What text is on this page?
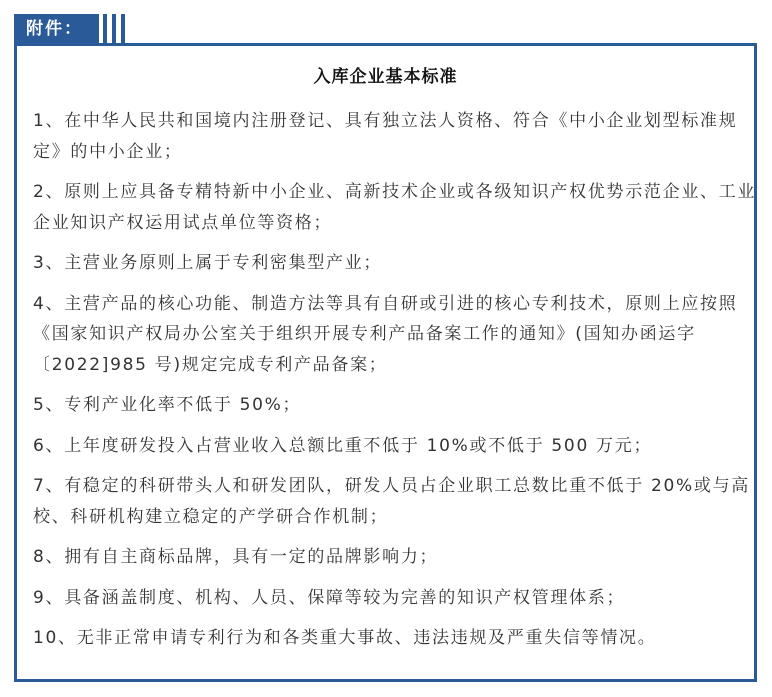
附件：
入库企业基本标准
1、在中华人民共和国境内注册登记、具有独立法人资格、符合《中小企业划型标准规
定》的中小企业；
2、原则上应具备专精特新中小企业、高新技术企业或各级知识产权优势示范企业、工业
企业知识产权运用试点单位等资格；
3、主营业务原则上属于专利密集型产业；
4、主营产品的核心功能、制造方法等具有自研或引进的核心专利技术，原则上应按照
《国家知识产权局办公室关于组织开展专利产品备案工作的通知》(国知办函运字
〔2022]985 号)规定完成专利产品备案；
5、专利产业化率不低于 50%；
6、上年度研发投入占营业收入总额比重不低于 10%或不低于 500 万元；
7、有稳定的科研带头人和研发团队，研发人员占企业职工总数比重不低于 20%或与高
校、科研机构建立稳定的产学研合作机制；
8、拥有自主商标品牌，具有一定的品牌影响力；
9、具备涵盖制度、机构、人员、保障等较为完善的知识产权管理体系；
10、无非正常申请专利行为和各类重大事故、违法违规及严重失信等情况。
